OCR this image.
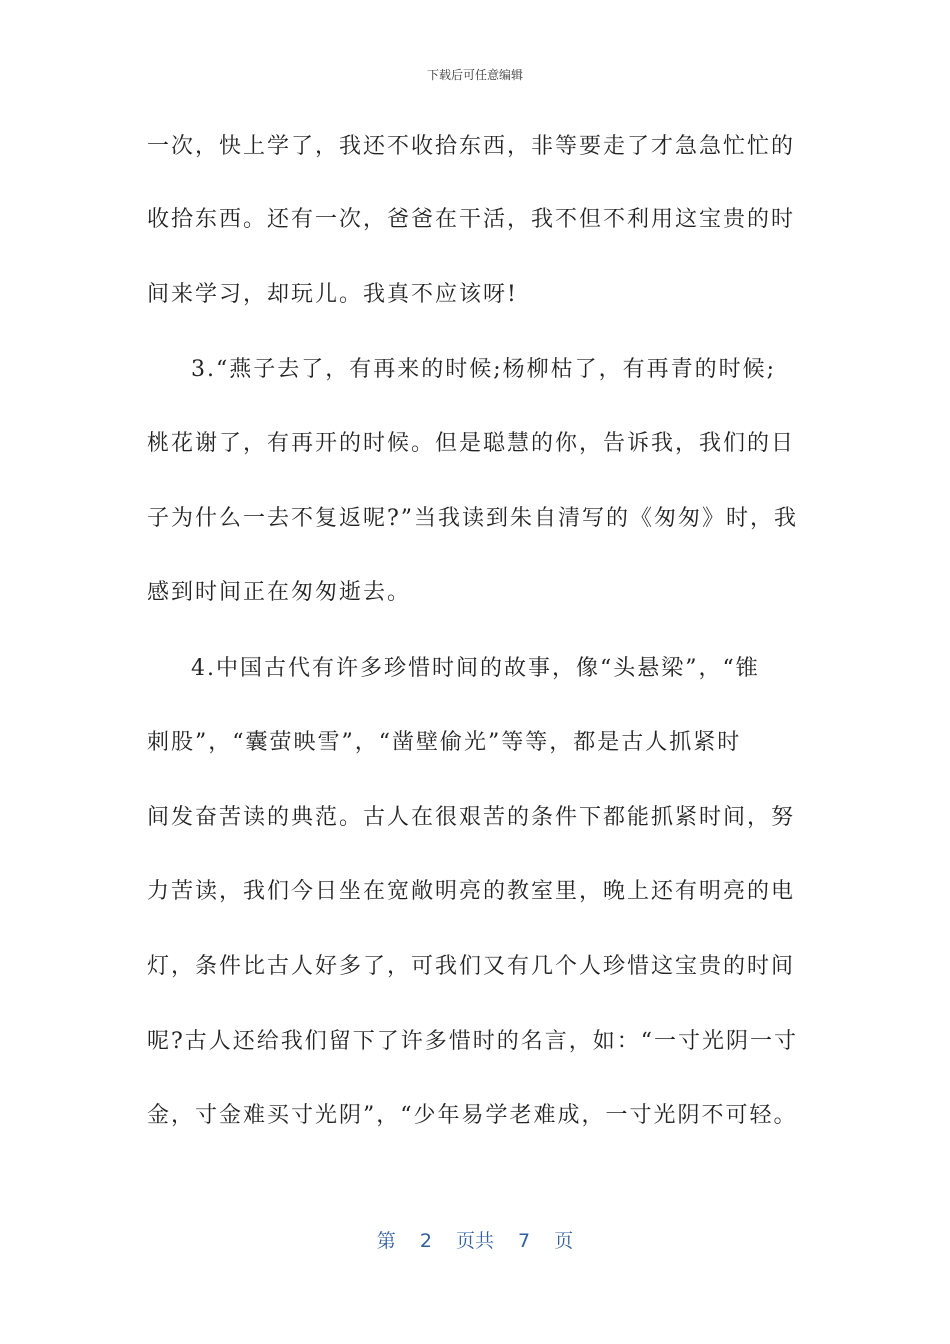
下载后可任意编辑
一次，快上学了，我还不收拾东西，非等要走了才急急忙忙的
收拾东西。还有一次，爸爸在干活，我不但不利用这宝贵的时
间来学习，却玩儿。我真不应该呀!
3.“燕子去了，有再来的时候;杨柳枯了，有再青的时候;
桃花谢了，有再开的时候。但是聪慧的你，告诉我，我们的日
子为什么一去不复返呢?”当我读到朱自清写的《匆匆》时，我
感到时间正在匆匆逝去。
4.中国古代有许多珍惜时间的故事，像“头悬梁”，“锥
刺股”，“囊萤映雪”，“凿壁偷光”等等，都是古人抓紧时
间发奋苦读的典范。古人在很艰苦的条件下都能抓紧时间，努
力苦读，我们今日坐在宽敞明亮的教室里，晚上还有明亮的电
灯，条件比古人好多了，可我们又有几个人珍惜这宝贵的时间
呢?古人还给我们留下了许多惜时的名言，如：“一寸光阴一寸
金，寸金难买寸光阴”，“少年易学老难成，一寸光阴不可轻。
第 2 页共 7 页
